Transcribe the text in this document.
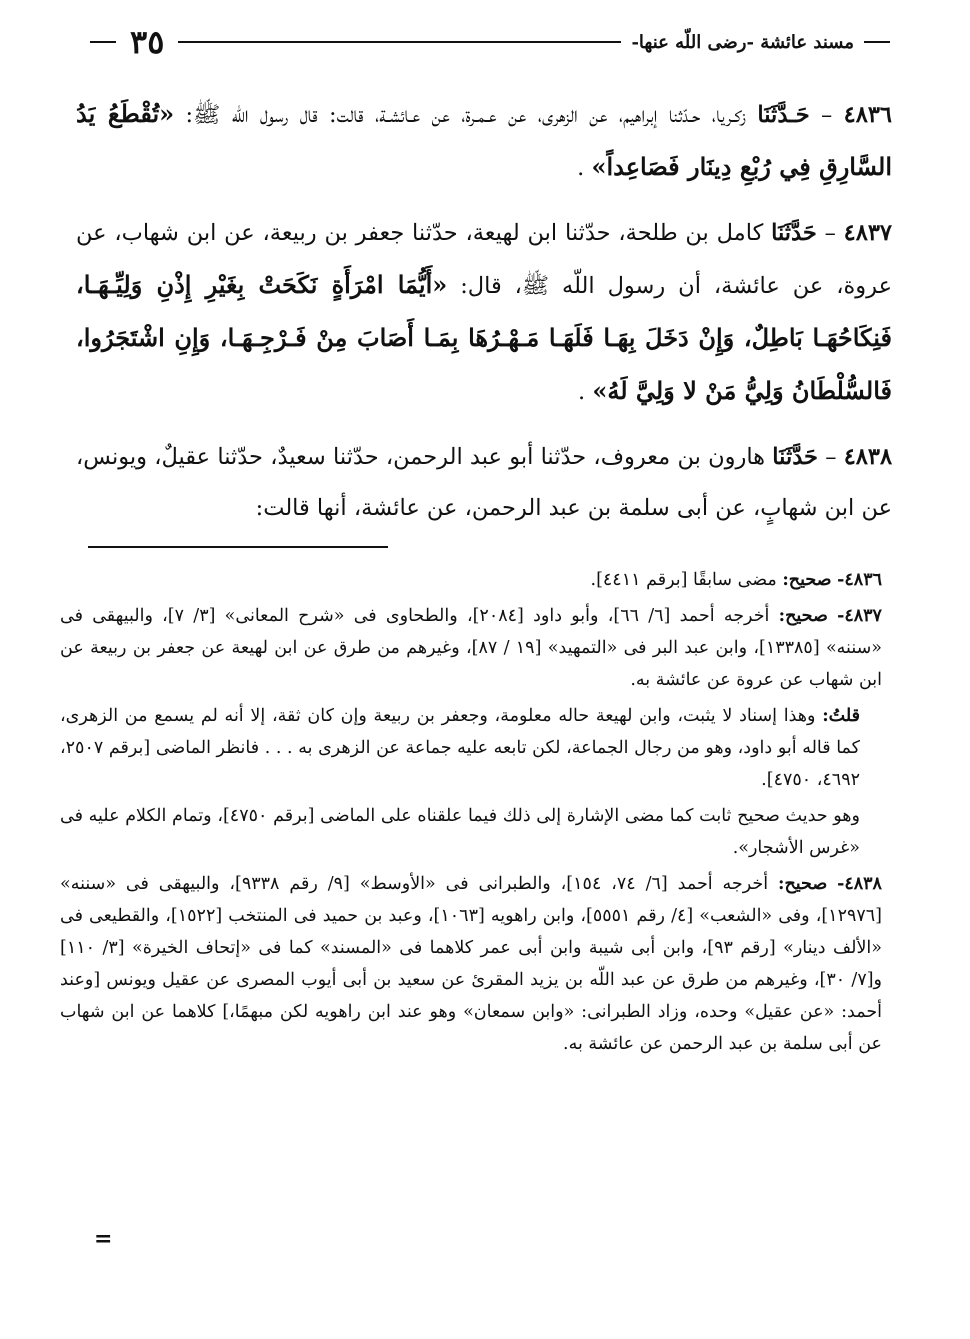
مسند عائشة -رضى اللّه عنها-
٣٥

٤٨٣٦ – حَـدَّثَنَا زكـريا، حـدّثنا إبراهيم، عن الزهرى، عن عـمـرة، عن عـائشـة، قالت: قال رسول اللّه ﷺ: «تُقْطَعُ يَدُ السَّارِقِ فِي رُبْعِ دِينَار فَصَاعِداً» .

٤٨٣٧ – حَدَّثَنَا كامل بن طلحة، حدّثنا ابن لهيعة، حدّثنا جعفر بن ربيعة، عن ابن شهاب، عن عروة، عن عائشة، أن رسول اللّه ﷺ، قال: «أَيُّمَا امْرَأَةٍ نَكَحَتْ بِغَيْرِ إِذْنِ وَلِيِّـهَـا، فَنِكَاحُهَـا بَاطِلٌ، وَإِنْ دَخَلَ بِهَـا فَلَهَـا مَـهْـرُهَا بِمَـا أَصَابَ مِنْ فَـرْجِـهَـا، وَإِنِ اشْتَجَرُوا، فَالسُّلْطَانُ وَلِيُّ مَنْ لا وَلِيَّ لَهُ» .

٤٨٣٨ – حَدَّثَنَا هارون بن معروف، حدّثنا أبو عبد الرحمن، حدّثنا سعيدٌ، حدّثنا عقيلٌ، ويونس، عن ابن شهابٍ، عن أبى سلمة بن عبد الرحمن، عن عائشة، أنها قالت:

٤٨٣٦- صحيح: مضى سابقًا [برقم ٤٤١١].

٤٨٣٧- صحيح: أخرجه أحمد [٦/ ٦٦]، وأبو داود [٢٠٨٤]، والطحاوى فى «شرح المعانى» [٣/ ٧]، والبيهقى فى «سننه» [١٣٣٨٥]، وابن عبد البر فى «التمهيد» [١٩ / ٨٧]، وغيرهم من طرق عن ابن لهيعة عن جعفر بن ربيعة عن ابن شهاب عن عروة عن عائشة به.

قلتُ: وهذا إسناد لا يثبت، وابن لهيعة حاله معلومة، وجعفر بن ربيعة وإن كان ثقة، إلا أنه لم يسمع من الزهرى، كما قاله أبو داود، وهو من رجال الجماعة، لكن تابعه عليه جماعة عن الزهرى به . . . فانظر الماضى [برقم ٢٥٠٧، ٤٦٩٢، ٤٧٥٠].

وهو حديث صحيح ثابت كما مضى الإشارة إلى ذلك فيما علقناه على الماضى [برقم ٤٧٥٠]، وتمام الكلام عليه فى «غرس الأشجار».

٤٨٣٨- صحيح: أخرجه أحمد [٦/ ٧٤، ١٥٤]، والطبرانى فى «الأوسط» [٩/ رقم ٩٣٣٨]، والبيهقى فى «سننه» [١٢٩٧٦]، وفى «الشعب» [٤/ رقم ٥٥٥١]، وابن راهويه [١٠٦٣]، وعبد بن حميد فى المنتخب [١٥٢٢]، والقطيعى فى «الألف دينار» [رقم ٩٣]، وابن أبى شيبة وابن أبى عمر كلاهما فى «المسند» كما فى «إتحاف الخيرة» [٣/ ١١٠] و[٧/ ٣٠]، وغيرهم من طرق عن عبد اللّه بن يزيد المقرئ عن سعيد بن أبى أيوب المصرى عن عقيل ويونس [وعند أحمد: «عن عقيل» وحده، وزاد الطبرانى: «وابن سمعان» وهو عند ابن راهويه لكن مبهمًا،] كلاهما عن ابن شهاب عن أبى سلمة بن عبد الرحمن عن عائشة به.

=
